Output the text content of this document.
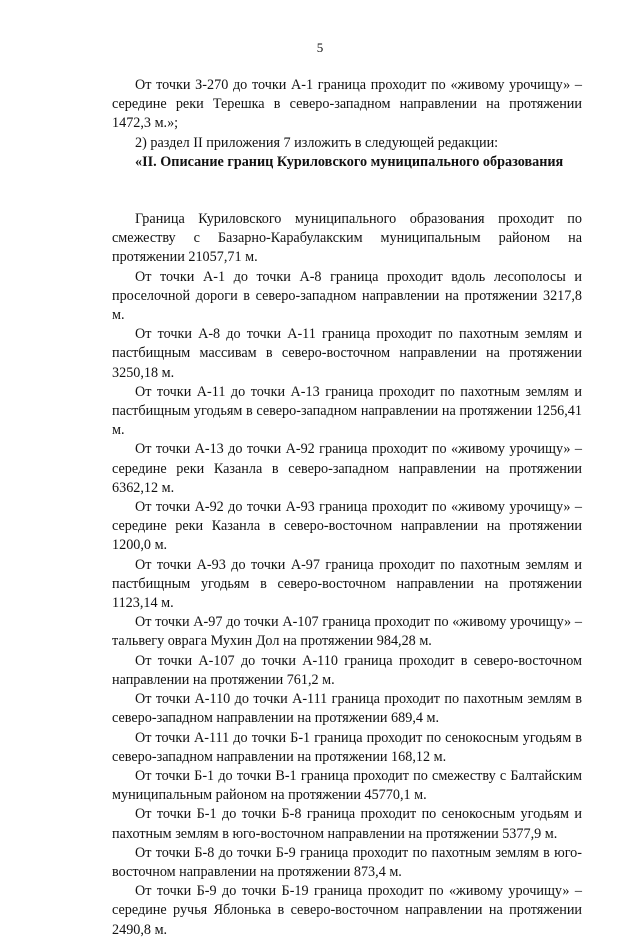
5

От точки З-270 до точки А-1 граница проходит по «живому урочищу» – середине реки Терешка в северо-западном направлении на протяжении 1472,3 м.»;

2) раздел II приложения 7 изложить в следующей редакции:

«II. Описание границ Куриловского муниципального образования

Граница Куриловского муниципального образования проходит по смежеству с Базарно-Карабулакским муниципальным районом на протяжении 21057,71 м.

От точки А-1 до точки А-8 граница проходит вдоль лесополосы и проселочной дороги в северо-западном направлении на протяжении 3217,8 м.

От точки А-8 до точки А-11 граница проходит по пахотным землям и пастбищным массивам в северо-восточном направлении на протяжении 3250,18 м.

От точки А-11 до точки А-13 граница проходит по пахотным землям и пастбищным угодьям в северо-западном направлении на протяжении 1256,41 м.

От точки А-13 до точки А-92 граница проходит по «живому урочищу» – середине реки Казанла в северо-западном направлении на протяжении 6362,12 м.

От точки А-92 до точки А-93 граница проходит по «живому урочищу» – середине реки Казанла в северо-восточном направлении на протяжении 1200,0 м.

От точки А-93 до точки А-97 граница проходит по пахотным землям и пастбищным угодьям в северо-восточном направлении на протяжении 1123,14 м.

От точки А-97 до точки А-107 граница проходит по «живому урочищу» – тальвегу оврага Мухин Дол на протяжении 984,28 м.

От точки А-107 до точки А-110 граница проходит в северо-восточном направлении на протяжении 761,2 м.

От точки А-110 до точки А-111 граница проходит по пахотным землям в северо-западном направлении на протяжении 689,4 м.

От точки А-111 до точки Б-1 граница проходит по сенокосным угодьям в северо-западном направлении на протяжении 168,12 м.

От точки Б-1 до точки В-1 граница проходит по смежеству с Балтайским муниципальным районом на протяжении 45770,1 м.

От точки Б-1 до точки Б-8 граница проходит по сенокосным угодьям и пахотным землям в юго-восточном направлении на протяжении 5377,9 м.

От точки Б-8 до точки Б-9 граница проходит по пахотным землям в юго-восточном направлении на протяжении 873,4 м.

От точки Б-9 до точки Б-19 граница проходит по «живому урочищу» – середине ручья Яблонька в северо-восточном направлении на протяжении 2490,8 м.
